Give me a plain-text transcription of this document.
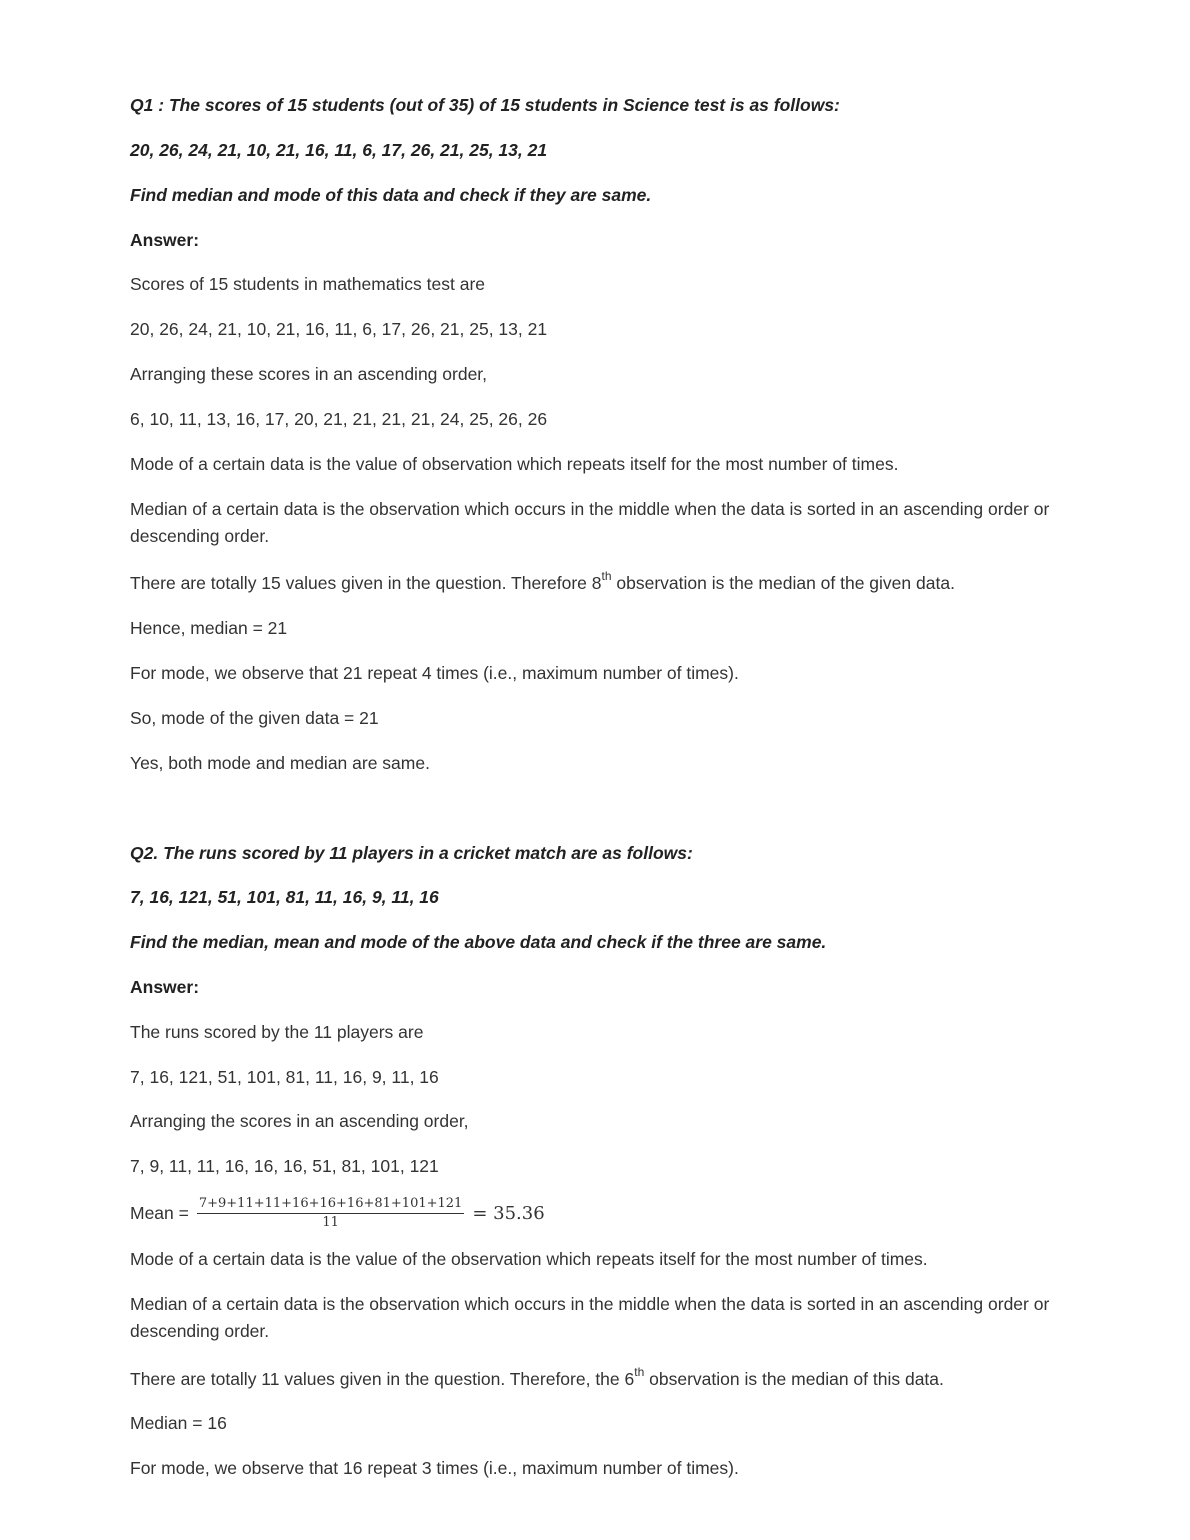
Q1 : The scores of 15 students (out of 35) of 15 students in Science test is as follows:

20, 26, 24, 21, 10, 21, 16, 11, 6, 17, 26, 21, 25, 13, 21

Find median and mode of this data and check if they are same.

Answer:

Scores of 15 students in mathematics test are

20, 26, 24, 21, 10, 21, 16, 11, 6, 17, 26, 21, 25, 13, 21

Arranging these scores in an ascending order,

6, 10, 11, 13, 16, 17, 20, 21, 21, 21, 21, 24, 25, 26, 26

Mode of a certain data is the value of observation which repeats itself for the most number of times.

Median of a certain data is the observation which occurs in the middle when the data is sorted in an ascending order or descending order.

There are totally 15 values given in the question. Therefore 8th observation is the median of the given data.

Hence, median = 21

For mode, we observe that 21 repeat 4 times (i.e., maximum number of times).

So, mode of the given data = 21

Yes, both mode and median are same.

Q2. The runs scored by 11 players in a cricket match are as follows:

7, 16, 121, 51, 101, 81, 11, 16, 9, 11, 16

Find the median, mean and mode of the above data and check if the three are same.

Answer:

The runs scored by the 11 players are

7, 16, 121, 51, 101, 81, 11, 16, 9, 11, 16

Arranging the scores in an ascending order,

7, 9, 11, 11, 16, 16, 16, 51, 81, 101, 121

Mean = $\frac{7+9+11+11+16+16+16+81+101+121}{11} = 35.36$

Mode of a certain data is the value of the observation which repeats itself for the most number of times.

Median of a certain data is the observation which occurs in the middle when the data is sorted in an ascending order or descending order.

There are totally 11 values given in the question. Therefore, the 6th observation is the median of this data.

Median = 16

For mode, we observe that 16 repeat 3 times (i.e., maximum number of times).
